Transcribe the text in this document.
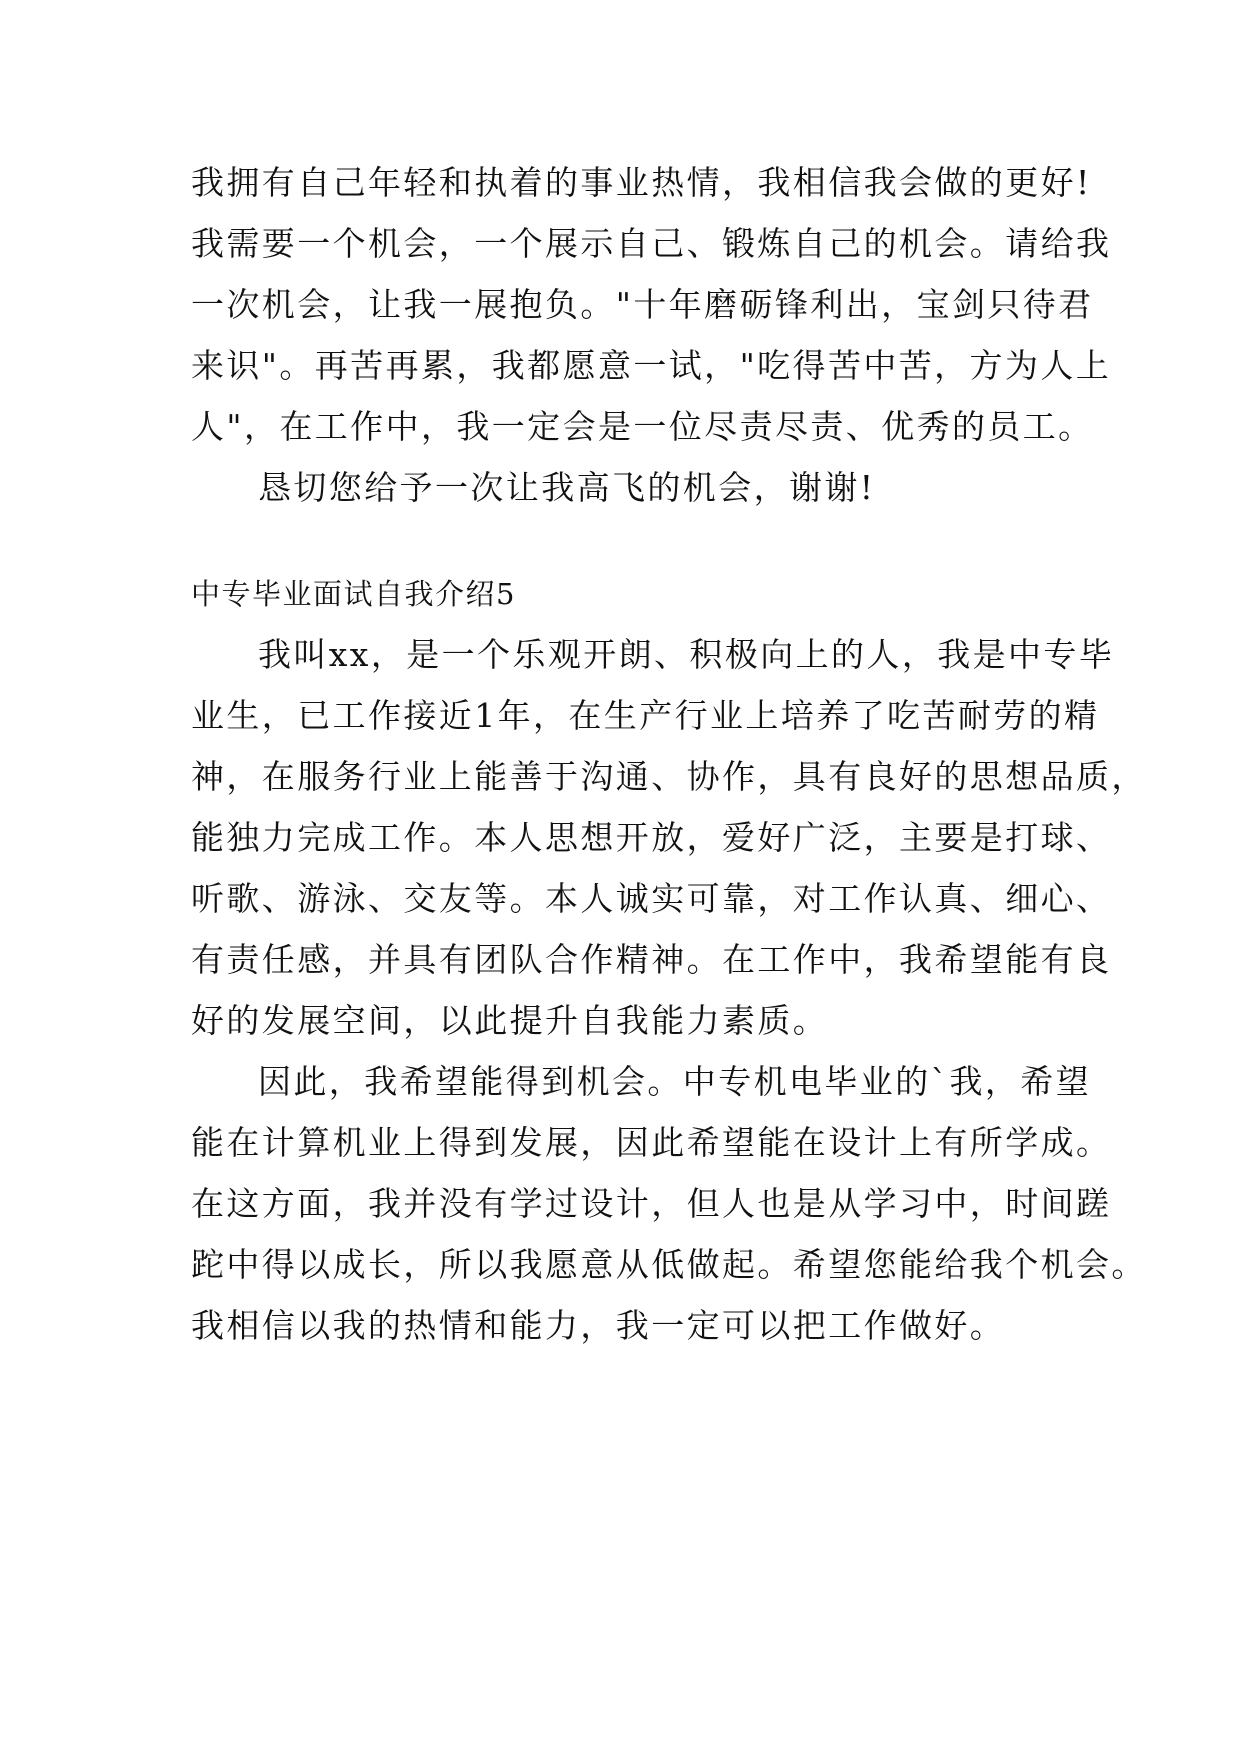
我拥有自己年轻和执着的事业热情，我相信我会做的更好!
我需要一个机会，一个展示自己、锻炼自己的机会。请给我
一次机会，让我一展抱负。"十年磨砺锋利出，宝剑只待君
来识"。再苦再累，我都愿意一试，"吃得苦中苦，方为人上
人"，在工作中，我一定会是一位尽责尽责、优秀的员工。
恳切您给予一次让我高飞的机会，谢谢!
中专毕业面试自我介绍5
我叫xx，是一个乐观开朗、积极向上的人，我是中专毕
业生，已工作接近1年，在生产行业上培养了吃苦耐劳的精
神，在服务行业上能善于沟通、协作，具有良好的思想品质，
能独力完成工作。本人思想开放，爱好广泛，主要是打球、
听歌、游泳、交友等。本人诚实可靠，对工作认真、细心、
有责任感，并具有团队合作精神。在工作中，我希望能有良
好的发展空间，以此提升自我能力素质。
因此，我希望能得到机会。中专机电毕业的`我，希望
能在计算机业上得到发展，因此希望能在设计上有所学成。
在这方面，我并没有学过设计，但人也是从学习中，时间蹉
跎中得以成长，所以我愿意从低做起。希望您能给我个机会。
我相信以我的热情和能力，我一定可以把工作做好。
